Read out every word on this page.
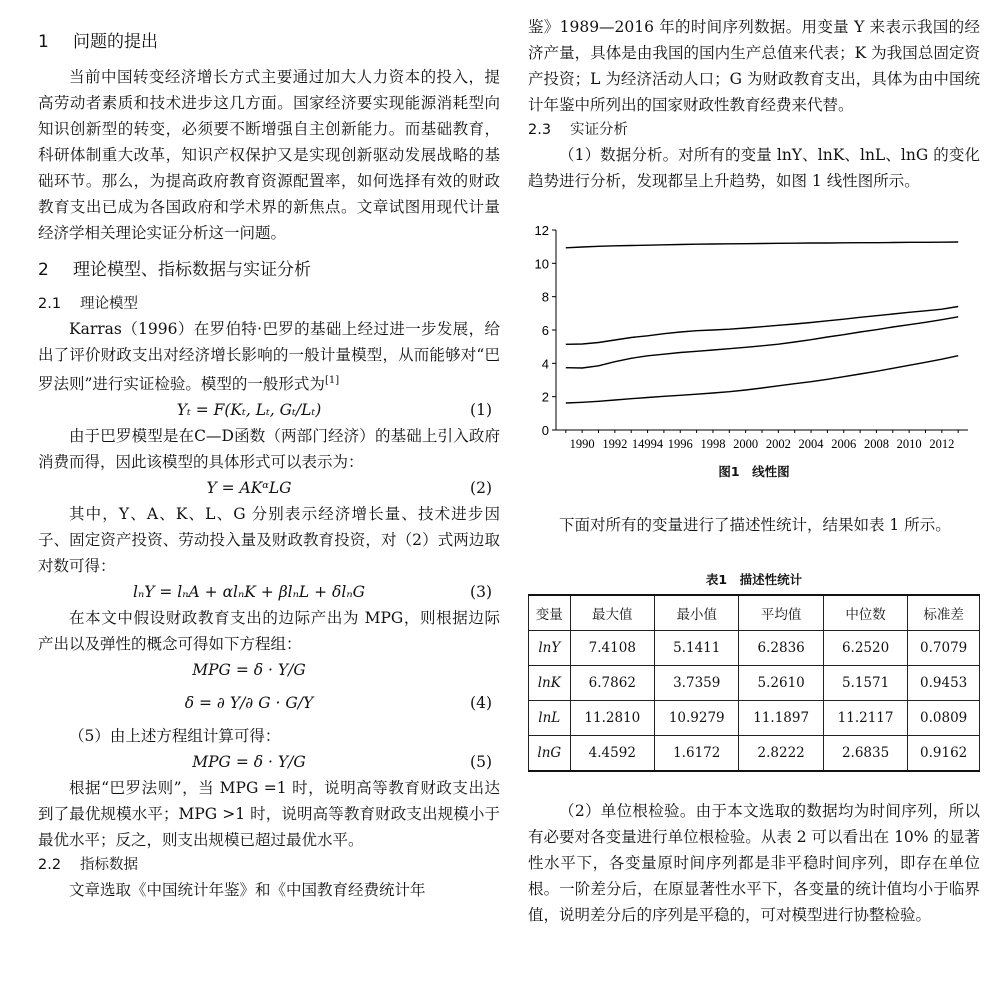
1 问题的提出

当前中国转变经济增长方式主要通过加大人力资本的投入，提高劳动者素质和技术进步这几方面。国家经济要实现能源消耗型向知识创新型的转变，必须要不断增强自主创新能力。而基础教育，科研体制重大改革，知识产权保护又是实现创新驱动发展战略的基础环节。那么，为提高政府教育资源配置率，如何选择有效的财政教育支出已成为各国政府和学术界的新焦点。文章试图用现代计量经济学相关理论实证分析这一问题。

2 理论模型、指标数据与实证分析
2.1 理论模型

Karras（1996）在罗伯特·巴罗的基础上经过进一步发展，给出了评价财政支出对经济增长影响的一般计量模型，从而能够对“巴罗法则”进行实证检验。模型的一般形式为[1]

Yₜ = F(Kₜ, Lₜ, Gₜ/Lₜ)	(1)

由于巴罗模型是在C—D函数（两部门经济）的基础上引入政府消费而得，因此该模型的具体形式可以表示为：

Y = AKᵅLG	(2)

其中，Y、A、K、L、G 分别表示经济增长量、技术进步因子、固定资产投资、劳动投入量及财政教育投资，对（2）式两边取对数可得：

lₙY = lₙA + αlₙK + βlₙL + δlₙG	(3)

在本文中假设财政教育支出的边际产出为 MPG，则根据边际产出以及弹性的概念可得如下方程组：

MPG = δ · Y/G
δ = ∂ Y/∂ G · G/Y	(4)

（5）由上述方程组计算可得：

MPG = δ · Y/G	(5)

根据“巴罗法则”，当 MPG =1 时，说明高等教育财政支出达到了最优规模水平；MPG >1 时，说明高等教育财政支出规模小于最优水平；反之，则支出规模已超过最优水平。

2.2 指标数据

文章选取《中国统计年鉴》和《中国教育经费统计年

鉴》1989—2016 年的时间序列数据。用变量 Y 来表示我国的经济产量，具体是由我国的国内生产总值来代表；K 为我国总固定资产投资；L 为经济活动人口；G 为财政教育支出，具体为由中国统计年鉴中所列出的国家财政性教育经费来代替。

2.3 实证分析

（1）数据分析。对所有的变量 lnY、lnK、lnL、lnG 的变化趋势进行分析，发现都呈上升趋势，如图 1 线性图所示。

0
2
4
6
8
10
12
1990 1992 14994 1996 1998 2000 2002 2004 2006 2008 2010 2012
图1　线性图

下面对所有的变量进行了描述性统计，结果如表 1 所示。

表1　描述性统计
变量	最大值	最小值	平均值	中位数	标准差
lnY	7.4108	5.1411	6.2836	6.2520	0.7079
lnK	6.7862	3.7359	5.2610	5.1571	0.9453
lnL	11.2810	10.9279	11.1897	11.2117	0.0809
lnG	4.4592	1.6172	2.8222	2.6835	0.9162

（2）单位根检验。由于本文选取的数据均为时间序列，所以有必要对各变量进行单位根检验。从表 2 可以看出在 10% 的显著性水平下，各变量原时间序列都是非平稳时间序列，即存在单位根。一阶差分后，在原显著性水平下，各变量的统计值均小于临界值，说明差分后的序列是平稳的，可对模型进行协整检验。
